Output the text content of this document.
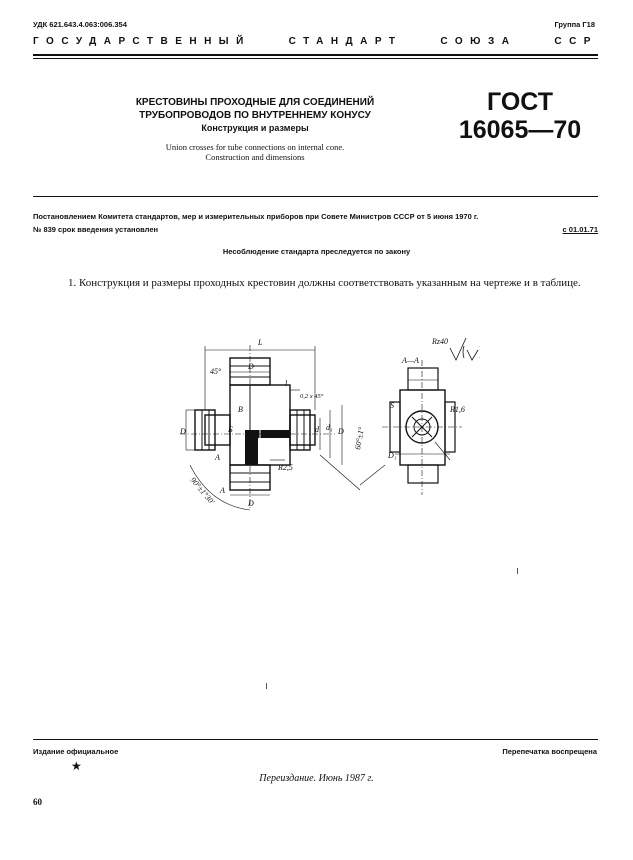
УДК 621.643.4.063:006.354	Группа Г18
ГОСУДАРСТВЕННЫЙ	СТАНДАРТ	СОЮЗА	ССР
КРЕСТОВИНЫ ПРОХОДНЫЕ ДЛЯ СОЕДИНЕНИЙ
ТРУБОПРОВОДОВ ПО ВНУТРЕННЕМУ КОНУСУ
Конструкция и размеры
Union crosses for tube connections on internal cone.
Construction and dimensions
ГОСТ
16065—70
Постановлением Комитета стандартов, мер и измерительных приборов при Совете Министров СССР от 5 июня 1970 г.
№ 839 срок введения установлен	с 01.01.71
Несоблюдение стандарта преследуется по закону
1. Конструкция и размеры проходных крестовин должны соответствовать указанным на чертеже и в таблице.
L
D
45°
0,2 х 45°
l
D
А
Б
В
d d₁ D
А
R2,5
60°±1°
90°±1°30'	D
Rz40
А—А
S	R1,6
D₁
Издание официальное	Перепечатка воспрещена
★
Переиздание. Июнь 1987 г.
60
